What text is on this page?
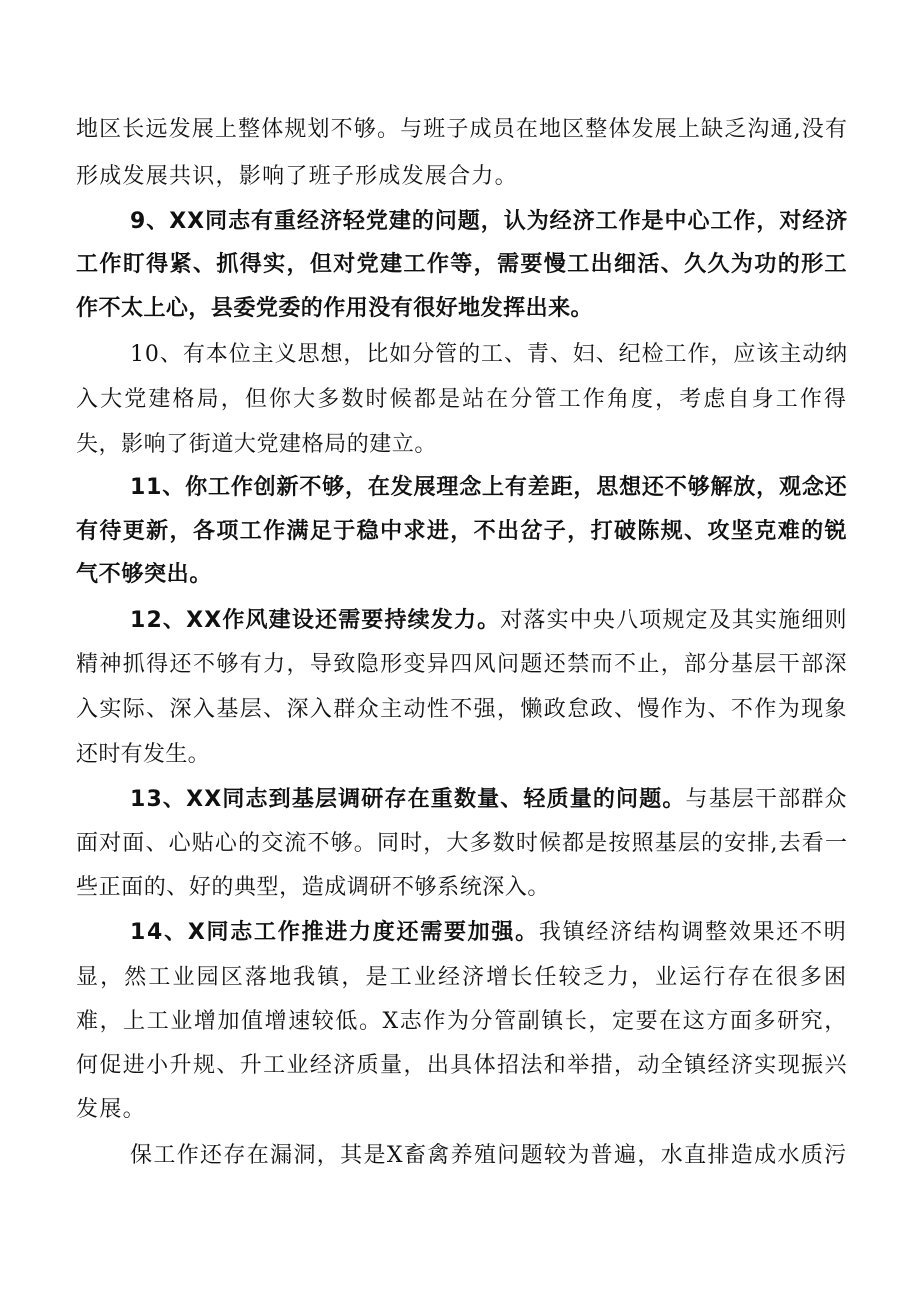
地区长远发展上整体规划不够。与班子成员在地区整体发展上缺乏沟通,没有
形成发展共识，影响了班子形成发展合力。
9、XX同志有重经济轻党建的问题，认为经济工作是中心工作，对经济
工作盯得紧、抓得实，但对党建工作等，需要慢工出细活、久久为功的形工
作不太上心，县委党委的作用没有很好地发挥出来。
10、有本位主义思想，比如分管的工、青、妇、纪检工作，应该主动纳
入大党建格局，但你大多数时候都是站在分管工作角度，考虑自身工作得
失，影响了街道大党建格局的建立。
11、你工作创新不够，在发展理念上有差距，思想还不够解放，观念还
有待更新，各项工作满足于稳中求进，不出岔子，打破陈规、攻坚克难的锐
气不够突出。
12、XX作风建设还需要持续发力。对落实中央八项规定及其实施细则
精神抓得还不够有力，导致隐形变异四风问题还禁而不止，部分基层干部深
入实际、深入基层、深入群众主动性不强，懒政怠政、慢作为、不作为现象
还时有发生。
13、XX同志到基层调研存在重数量、轻质量的问题。与基层干部群众
面对面、心贴心的交流不够。同时，大多数时候都是按照基层的安排,去看一
些正面的、好的典型，造成调研不够系统深入。
14、X同志工作推进力度还需要加强。我镇经济结构调整效果还不明
显，然工业园区落地我镇，是工业经济增长任较乏力，业运行存在很多困
难，上工业增加值增速较低。X志作为分管副镇长，定要在这方面多研究，
何促进小升规、升工业经济质量，出具体招法和举措，动全镇经济实现振兴
发展。
保工作还存在漏洞，其是X畜禽养殖问题较为普遍，水直排造成水质污
